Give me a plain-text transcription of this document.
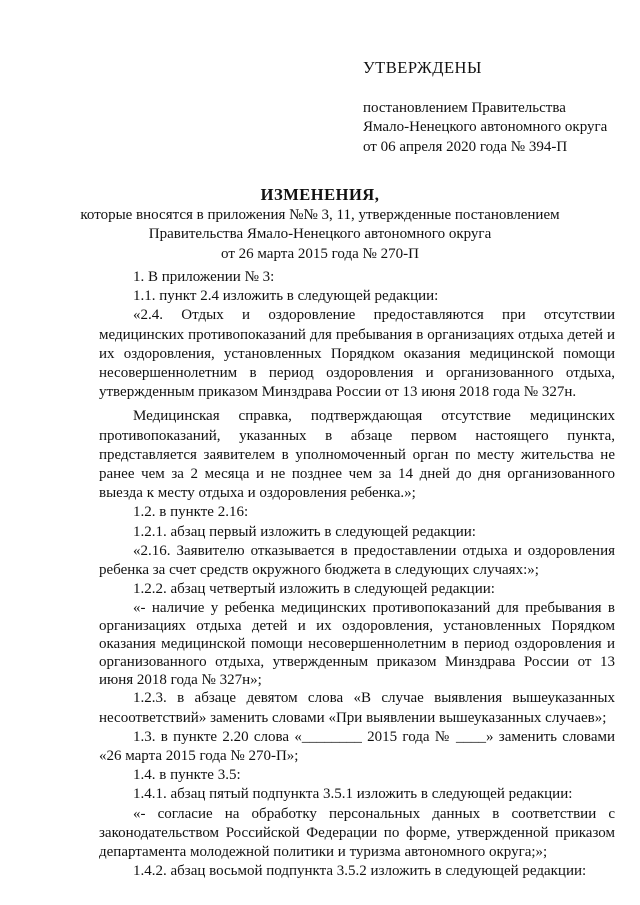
УТВЕРЖДЕНЫ
постановлением Правительства
Ямало-Ненецкого автономного округа
от 06 апреля 2020 года № 394-П
ИЗМЕНЕНИЯ,
которые вносятся в приложения №№ 3, 11, утвержденные постановлением
Правительства Ямало-Ненецкого автономного округа
от 26 марта 2015 года № 270-П

1. В приложении № 3:

1.1. пункт 2.4 изложить в следующей редакции:

«2.4. Отдых и оздоровление предоставляются при отсутствии медицинских противопоказаний для пребывания в организациях отдыха детей и их оздоровления, установленных Порядком оказания медицинской помощи несовершеннолетним в период оздоровления и организованного отдыха, утвержденным приказом Минздрава России от 13 июня 2018 года № 327н.

Медицинская справка, подтверждающая отсутствие медицинских противопоказаний, указанных в абзаце первом настоящего пункта, представляется заявителем в уполномоченный орган по месту жительства не ранее чем за 2 месяца и не позднее чем за 14 дней до дня организованного выезда к месту отдыха и оздоровления ребенка.»;

1.2. в пункте 2.16:

1.2.1. абзац первый изложить в следующей редакции:

«2.16. Заявителю отказывается в предоставлении отдыха и оздоровления ребенка за счет средств окружного бюджета в следующих случаях:»;

1.2.2. абзац четвертый изложить в следующей редакции:

«- наличие у ребенка медицинских противопоказаний для пребывания в организациях отдыха детей и их оздоровления, установленных Порядком оказания медицинской помощи несовершеннолетним в период оздоровления и организованного отдыха, утвержденным приказом Минздрава России от 13 июня 2018 года № 327н»;

1.2.3. в абзаце девятом слова «В случае выявления вышеуказанных несоответствий» заменить словами «При выявлении вышеуказанных случаев»;

1.3. в пункте 2.20 слова «________ 2015 года № ____» заменить словами «26 марта 2015 года № 270-П»;

1.4. в пункте 3.5:

1.4.1. абзац пятый подпункта 3.5.1 изложить в следующей редакции:

«- согласие на обработку персональных данных в соответствии с законодательством Российской Федерации по форме, утвержденной приказом департамента молодежной политики и туризма автономного округа;»;

1.4.2. абзац восьмой подпункта 3.5.2 изложить в следующей редакции:
